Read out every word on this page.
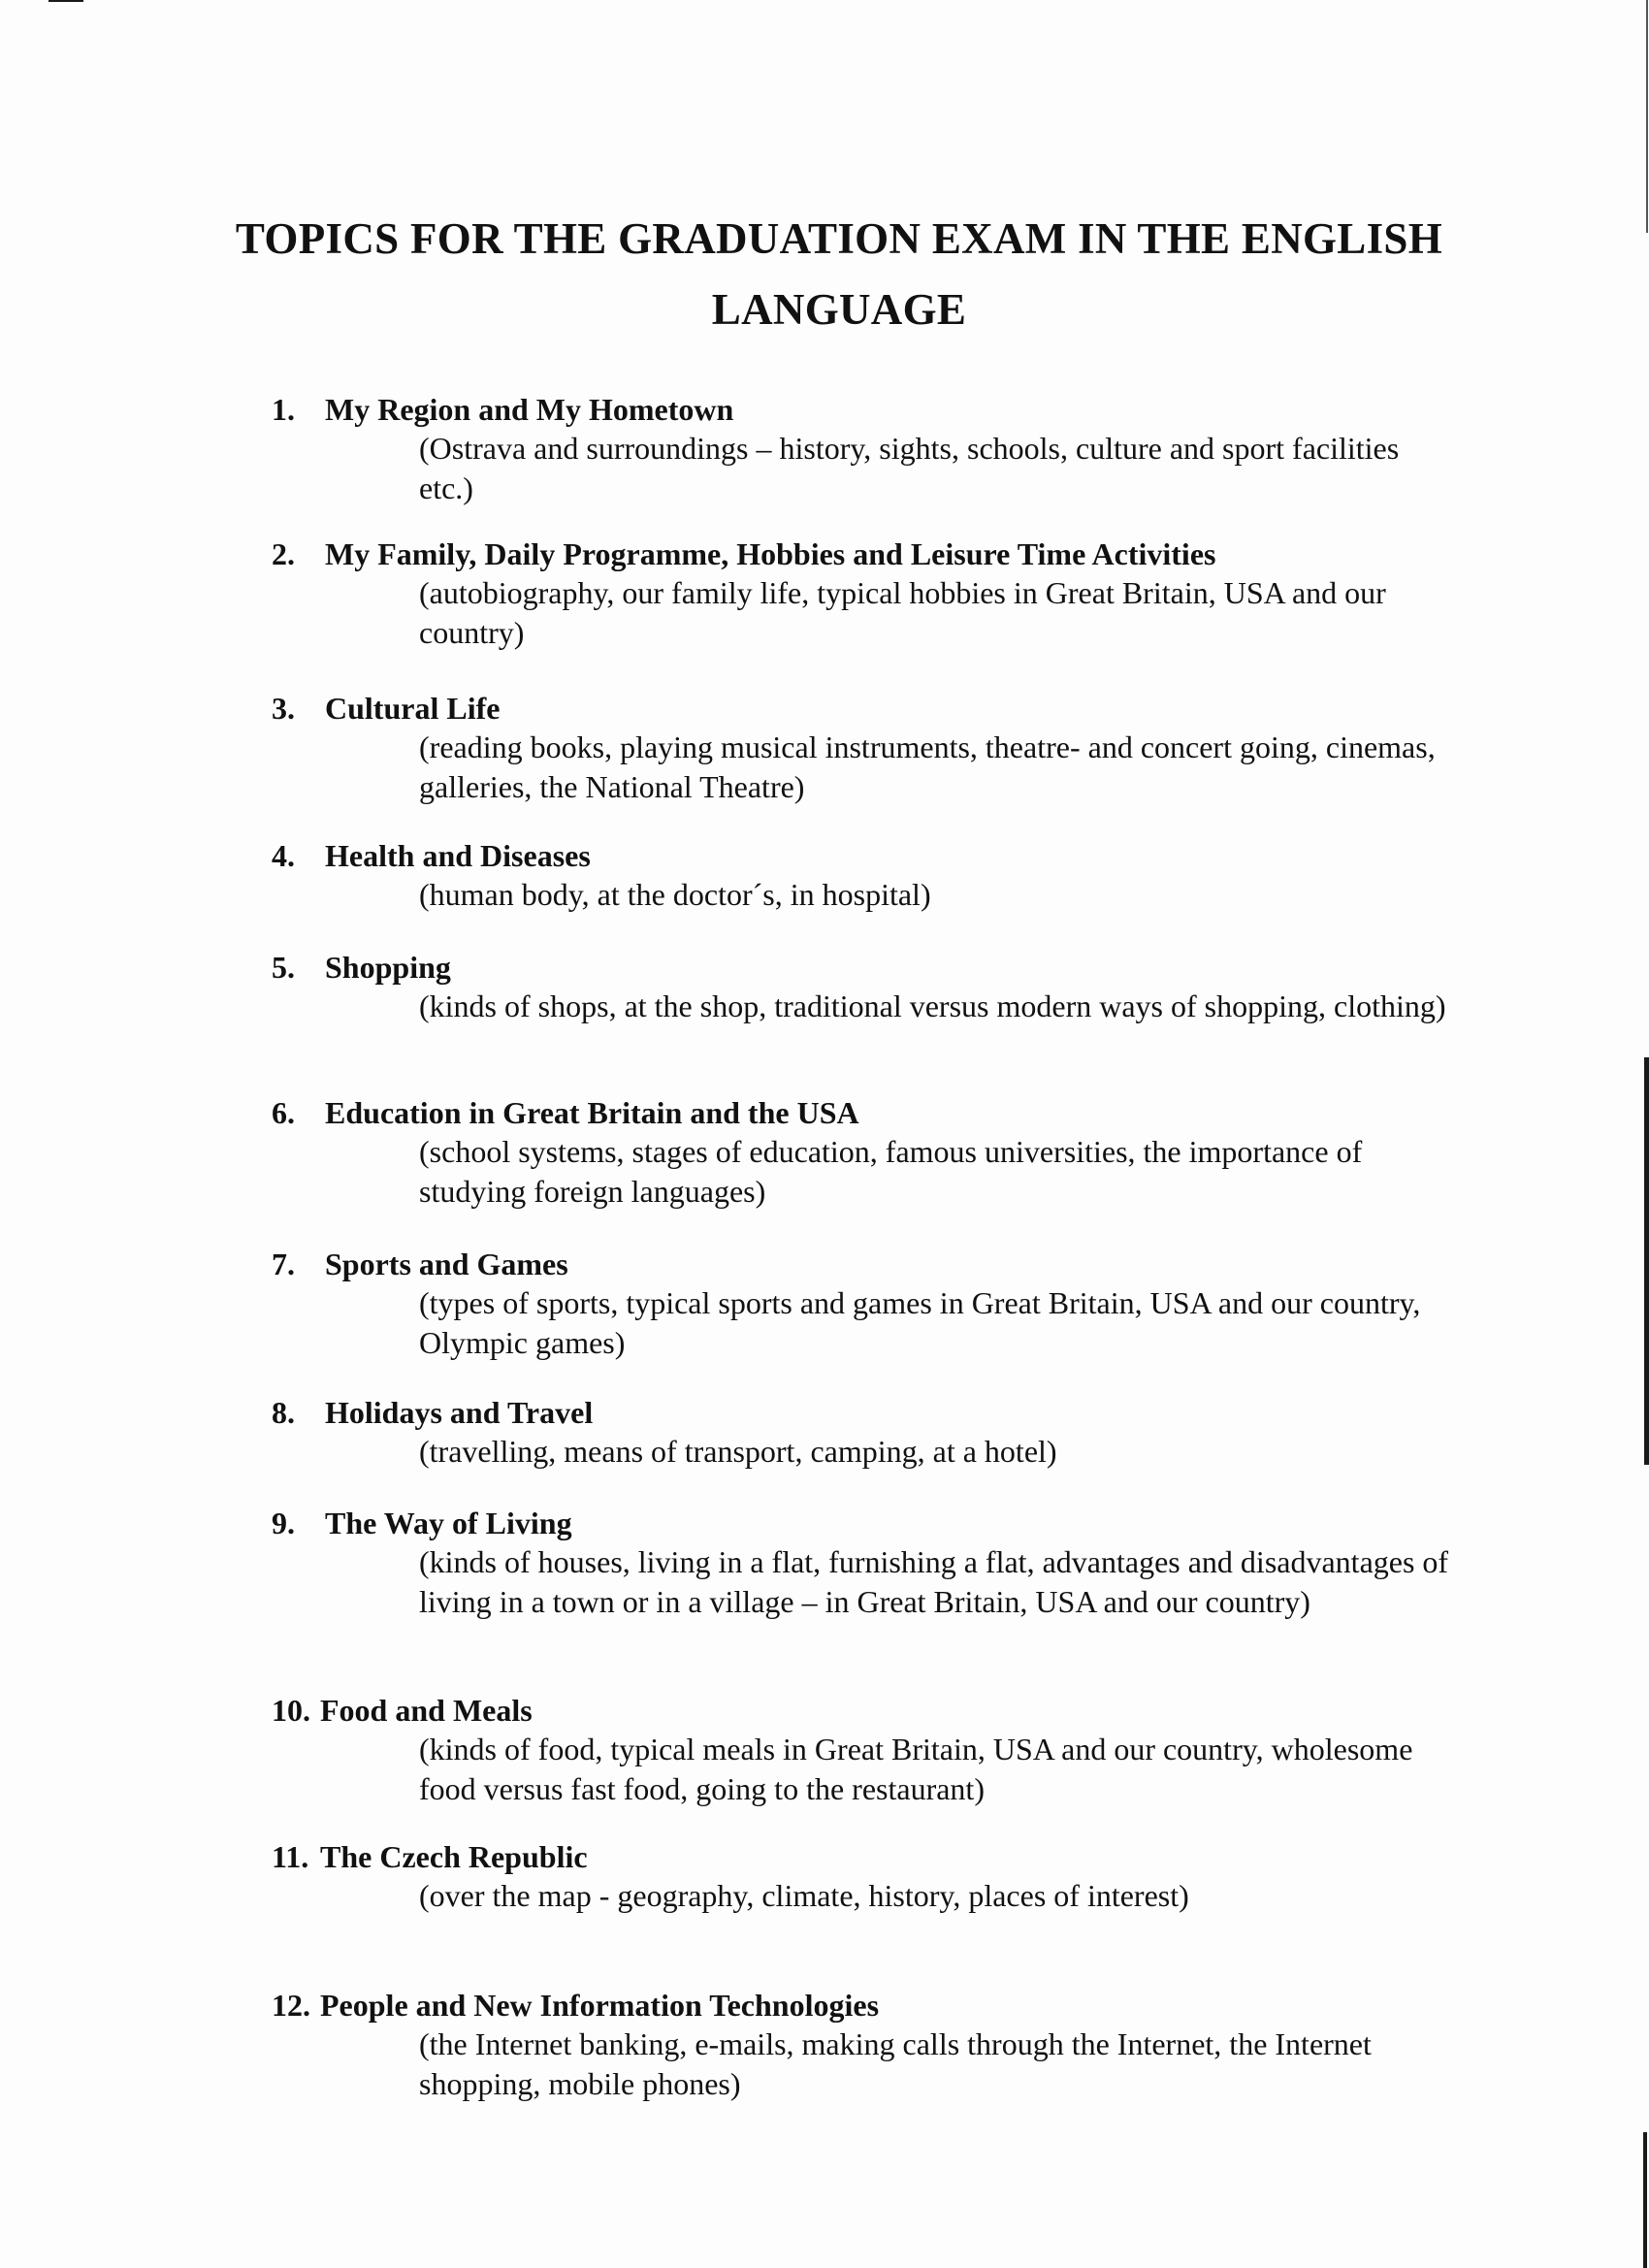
TOPICS FOR THE GRADUATION EXAM IN THE ENGLISH
LANGUAGE
1. My Region and My Hometown
(Ostrava and surroundings – history, sights, schools, culture and sport facilities etc.)
2. My Family, Daily Programme, Hobbies and Leisure Time Activities
(autobiography, our family life, typical hobbies in Great Britain, USA and our country)
3. Cultural Life
(reading books, playing musical instruments, theatre- and concert going, cinemas, galleries, the National Theatre)
4. Health and Diseases
(human body, at the doctor´s, in hospital)
5. Shopping
(kinds of shops, at the shop, traditional versus modern ways of shopping, clothing)
6. Education in Great Britain and the USA
(school systems, stages of education, famous universities, the importance of studying foreign languages)
7. Sports and Games
(types of sports, typical sports and games in Great Britain, USA and our country, Olympic games)
8. Holidays and Travel
(travelling, means of transport, camping, at a hotel)
9. The Way of Living
(kinds of houses, living in a flat, furnishing a flat, advantages and disadvantages of living in a town or in a village – in Great Britain, USA and our country)
10. Food and Meals
(kinds of food, typical meals in Great Britain, USA and our country, wholesome food versus fast food, going to the restaurant)
11. The Czech Republic
(over the map - geography, climate, history, places of interest)
12. People and New Information Technologies
(the Internet banking, e-mails, making calls through the Internet, the Internet shopping, mobile phones)
